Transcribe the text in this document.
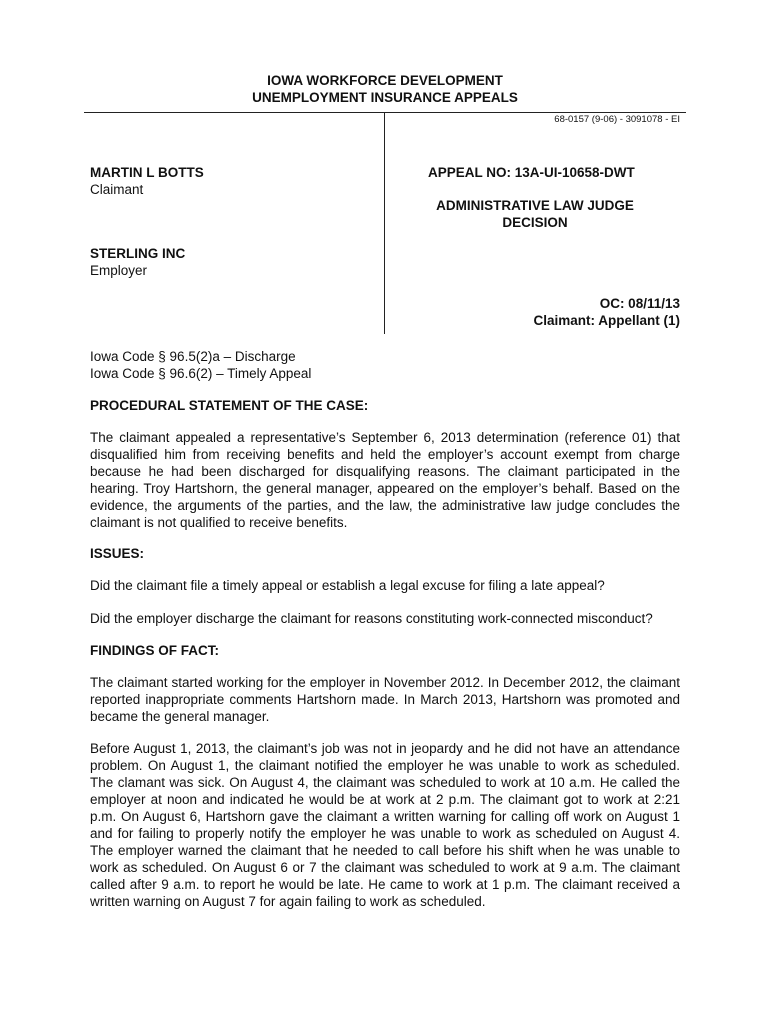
IOWA WORKFORCE DEVELOPMENT
UNEMPLOYMENT INSURANCE APPEALS
68-0157 (9-06) - 3091078 - EI
MARTIN L BOTTS
Claimant
STERLING INC
Employer
APPEAL NO: 13A-UI-10658-DWT
ADMINISTRATIVE LAW JUDGE
DECISION
OC: 08/11/13
Claimant: Appellant (1)
Iowa Code § 96.5(2)a – Discharge
Iowa Code § 96.6(2) – Timely Appeal
PROCEDURAL STATEMENT OF THE CASE:
The claimant appealed a representative’s September 6, 2013 determination (reference 01) that disqualified him from receiving benefits and held the employer’s account exempt from charge because he had been discharged for disqualifying reasons. The claimant participated in the hearing. Troy Hartshorn, the general manager, appeared on the employer’s behalf. Based on the evidence, the arguments of the parties, and the law, the administrative law judge concludes the claimant is not qualified to receive benefits.
ISSUES:
Did the claimant file a timely appeal or establish a legal excuse for filing a late appeal?
Did the employer discharge the claimant for reasons constituting work-connected misconduct?
FINDINGS OF FACT:
The claimant started working for the employer in November 2012. In December 2012, the claimant reported inappropriate comments Hartshorn made. In March 2013, Hartshorn was promoted and became the general manager.
Before August 1, 2013, the claimant’s job was not in jeopardy and he did not have an attendance problem. On August 1, the claimant notified the employer he was unable to work as scheduled. The clamant was sick. On August 4, the claimant was scheduled to work at 10 a.m. He called the employer at noon and indicated he would be at work at 2 p.m. The claimant got to work at 2:21 p.m. On August 6, Hartshorn gave the claimant a written warning for calling off work on August 1 and for failing to properly notify the employer he was unable to work as scheduled on August 4. The employer warned the claimant that he needed to call before his shift when he was unable to work as scheduled. On August 6 or 7 the claimant was scheduled to work at 9 a.m. The claimant called after 9 a.m. to report he would be late. He came to work at 1 p.m. The claimant received a written warning on August 7 for again failing to work as scheduled.
